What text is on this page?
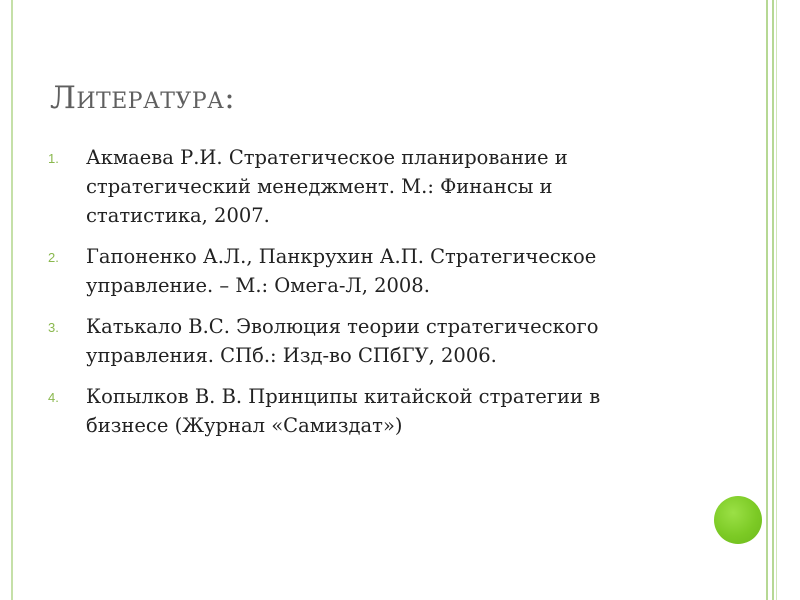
Литература:
1. Акмаева Р.И. Стратегическое планирование и стратегический менеджмент. М.: Финансы и статистика, 2007.
2. Гапоненко А.Л., Панкрухин А.П. Стратегическое управление. – М.: Омега-Л, 2008.
3. Катькало В.С. Эволюция теории стратегического управления. СПб.: Изд-во СПбГУ, 2006.
4. Копылков В. В. Принципы китайской стратегии в бизнесе (Журнал «Самиздат»)
